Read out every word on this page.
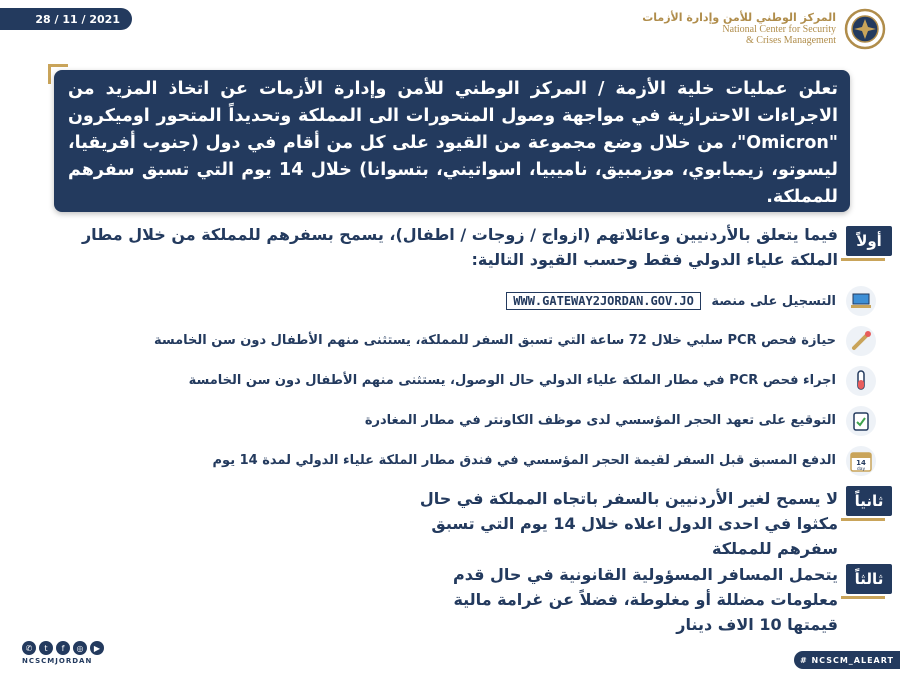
28 / 11 / 2021	المركز الوطني للأمن وإدارة الأزمات
National Center for Security
& Crises Management
تعلن عمليات خلية الأزمة / المركز الوطني للأمن وإدارة الأزمات عن اتخاذ المزيد من الاجراءات الاحترازية في مواجهة وصول المتحورات الى المملكة وتحديداً المتحور اوميكرون "Omicron"، من خلال وضع مجموعة من القيود على كل من أقام في دول (جنوب أفريقيا، ليسوتو، زيمبابوي، موزمبيق، ناميبيا، اسواتيني، بتسوانا) خلال 14 يوم التي تسبق سفرهم للمملكة.
أولاً
فيما يتعلق بالأردنيين وعائلاتهم (ازواج / زوجات / اطفال)، يسمح بسفرهم للمملكة من خلال مطار الملكة علياء الدولي فقط وحسب القيود التالية:
التسجيل على منصة WWW.GATEWAY2JORDAN.GOV.JO
حيازة فحص PCR سلبي خلال 72 ساعة التي تسبق السفر للمملكة، يستثنى منهم الأطفال دون سن الخامسة
اجراء فحص PCR في مطار الملكة علياء الدولي حال الوصول، يستثنى منهم الأطفال دون سن الخامسة
التوقيع على تعهد الحجر المؤسسي لدى موظف الكاونتر في مطار المغادرة
14
day
الدفع المسبق قبل السفر لقيمة الحجر المؤسسي في فندق مطار الملكة علياء الدولي لمدة 14 يوم
ثانياً
لا يسمح لغير الأردنيين بالسفر باتجاه المملكة في حال مكثوا في احدى الدول اعلاه خلال 14 يوم التي تسبق سفرهم للمملكة
ثالثاً
يتحمل المسافر المسؤولية القانونية في حال قدم معلومات مضللة أو مغلوطة، فضلاً عن غرامة مالية قيمتها 10 الاف دينار
✆	t	f	◎	▶
NCSCMJORDAN	# NCSCM_ALEART
